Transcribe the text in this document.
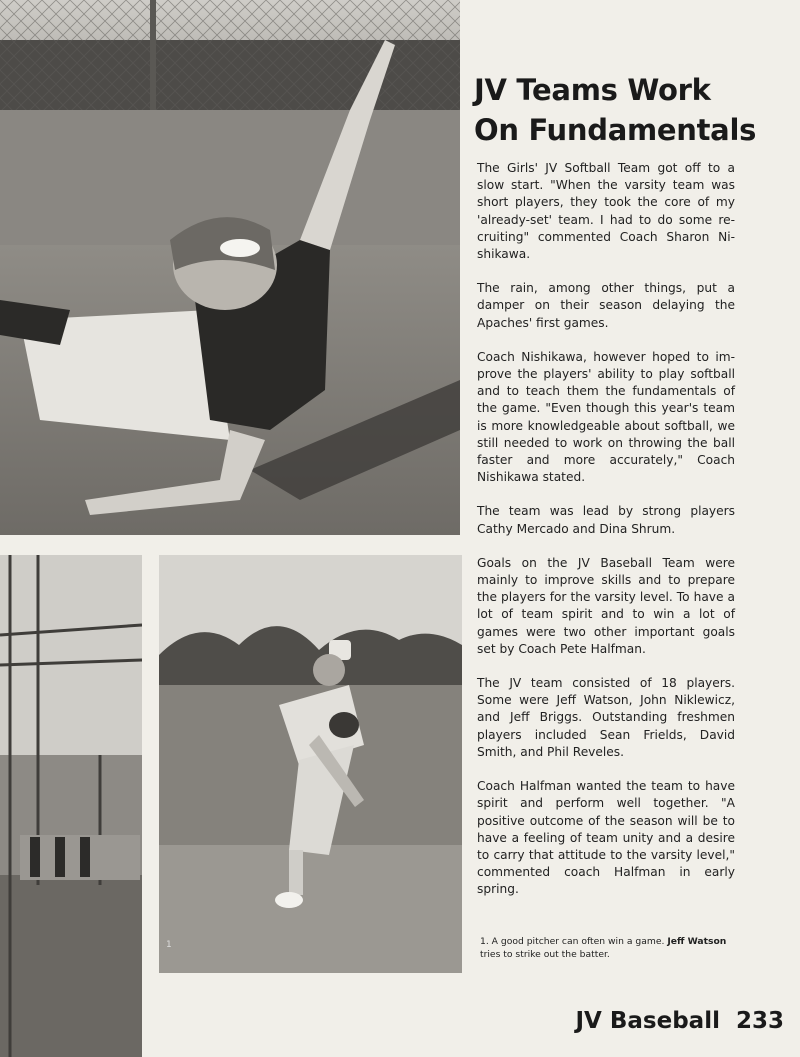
1
JV Teams Work
On Fundamentals

The Girls' JV Softball Team got off to a slow start. "When the varsity team was short players, they took the core of my 'already-set' team. I had to do some re-cruiting" commented Coach Sharon Ni-shikawa.

The rain, among other things, put a damper on their season delaying the Apaches' first games.

Coach Nishikawa, however hoped to im-prove the players' ability to play softball and to teach them the fundamentals of the game. "Even though this year's team is more knowledgeable about softball, we still needed to work on throwing the ball faster and more accurately," Coach Nishikawa stated.

The team was lead by strong players Cathy Mercado and Dina Shrum.

Goals on the JV Baseball Team were mainly to improve skills and to prepare the players for the varsity level. To have a lot of team spirit and to win a lot of games were two other important goals set by Coach Pete Halfman.

The JV team consisted of 18 players. Some were Jeff Watson, John Niklewicz, and Jeff Briggs. Outstanding freshmen players included Sean Frields, David Smith, and Phil Reveles.

Coach Halfman wanted the team to have spirit and perform well together. "A positive outcome of the season will be to have a feeling of team unity and a desire to carry that attitude to the varsity level," commented coach Halfman in early spring.

1. A good pitcher can often win a game. Jeff Watson tries to strike out the batter.
JV Baseball 233
